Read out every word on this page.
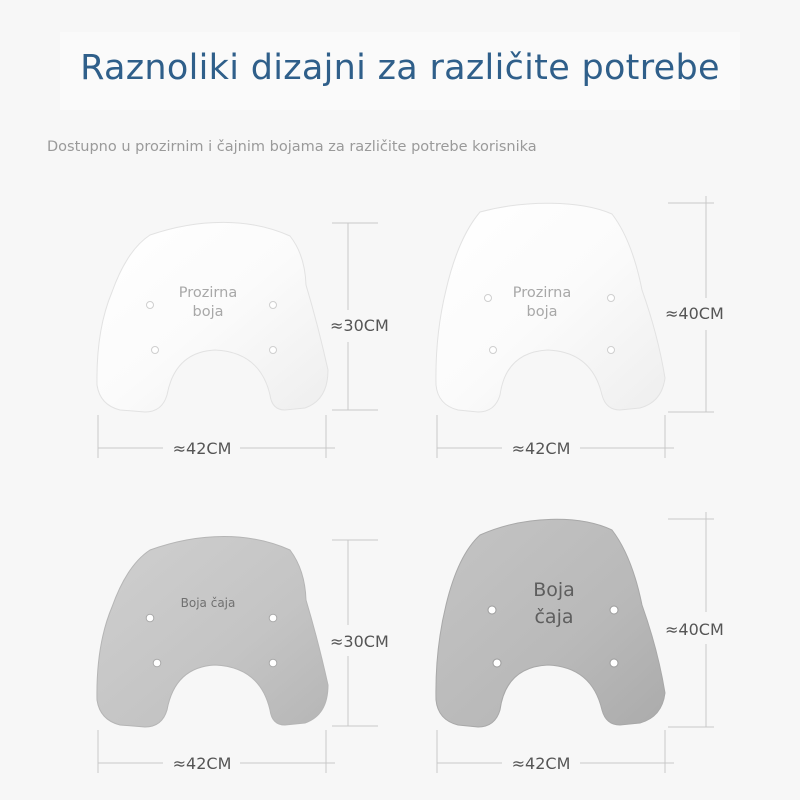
Raznoliki dizajni za različite potrebe

Dostupno u prozirnim i čajnim bojama za različite potrebe korisnika

Prozirna
boja
≈30CM
≈42CM
Prozirna
boja	≈40CM
≈42CM
Boja čaja
≈30CM
≈42CM
Boja
čaja
≈40CM
≈42CM
